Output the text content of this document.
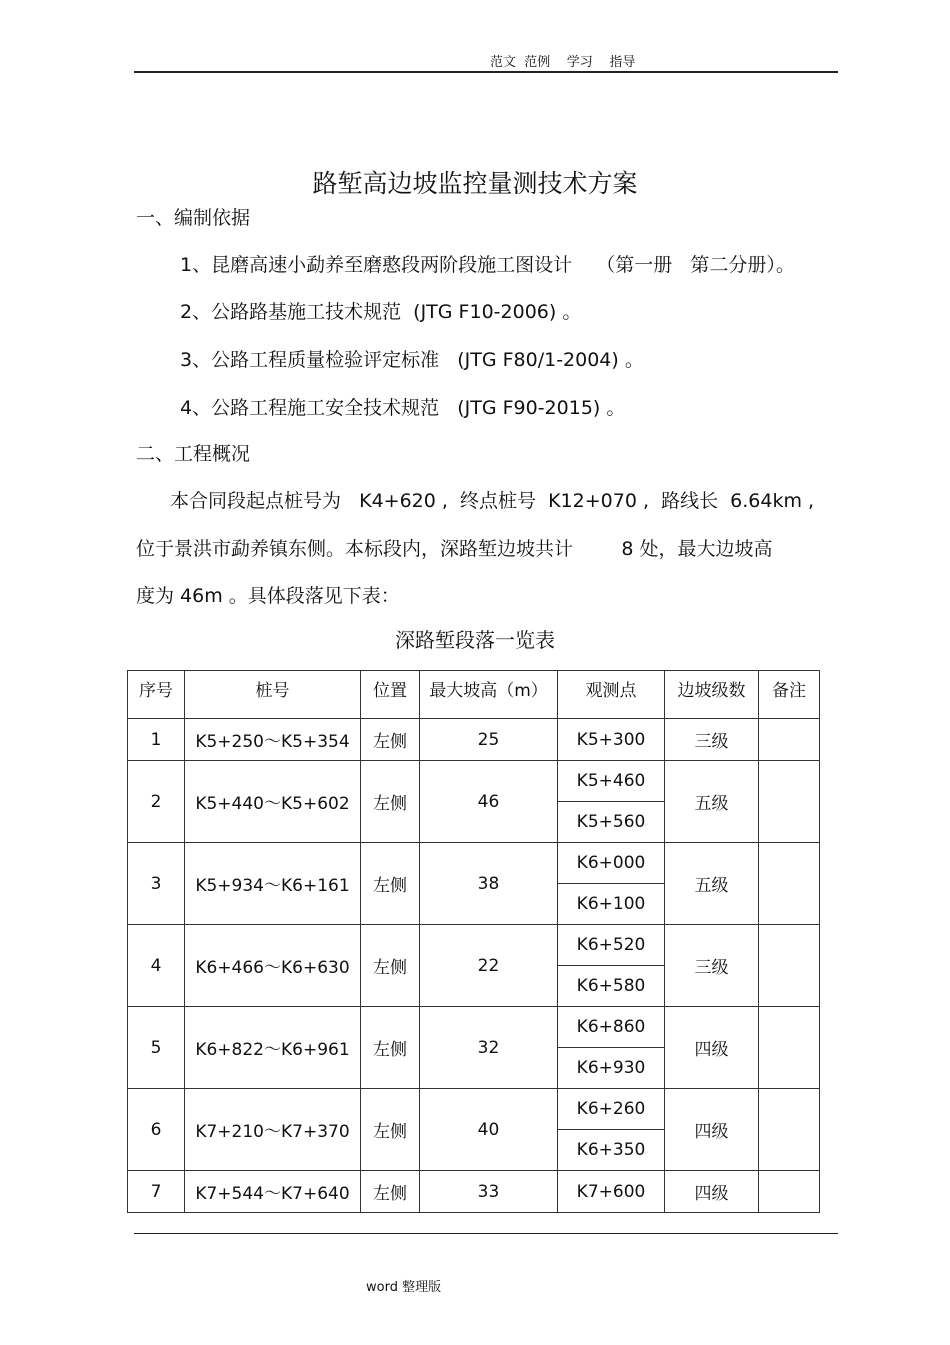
范文  范例    学习    指导
路堑高边坡监控量测技术方案
一、编制依据
1、昆磨高速小勐养至磨憨段两阶段施工图设计    （第一册   第二分册）。
2、公路路基施工技术规范  (JTG F10-2006) 。
3、公路工程质量检验评定标准   (JTG F80/1-2004) 。
4、公路工程施工安全技术规范   (JTG F90-2015) 。
二、工程概况
本合同段起点桩号为   K4+620 ,  终点桩号  K12+070 ,  路线长  6.64km ,
位于景洪市勐养镇东侧。本标段内，深路堑边坡共计        8 处，最大边坡高
度为 46m 。具体段落见下表：
深路堑段落一览表
序号	桩号	位置	最大坡高（m）	观测点	边坡级数	备注
1	K5+250～K5+354	左侧	25	K5+300	三级	
2	K5+440～K5+602	左侧	46	K5+460	五级	
				K5+560		
3	K5+934～K6+161	左侧	38	K6+000	五级	
				K6+100		
4	K6+466～K6+630	左侧	22	K6+520	三级	
				K6+580		
5	K6+822～K6+961	左侧	32	K6+860	四级	
				K6+930		
6	K7+210～K7+370	左侧	40	K6+260	四级	
				K6+350		
7	K7+544～K7+640	左侧	33	K7+600	四级	
word 整理版
